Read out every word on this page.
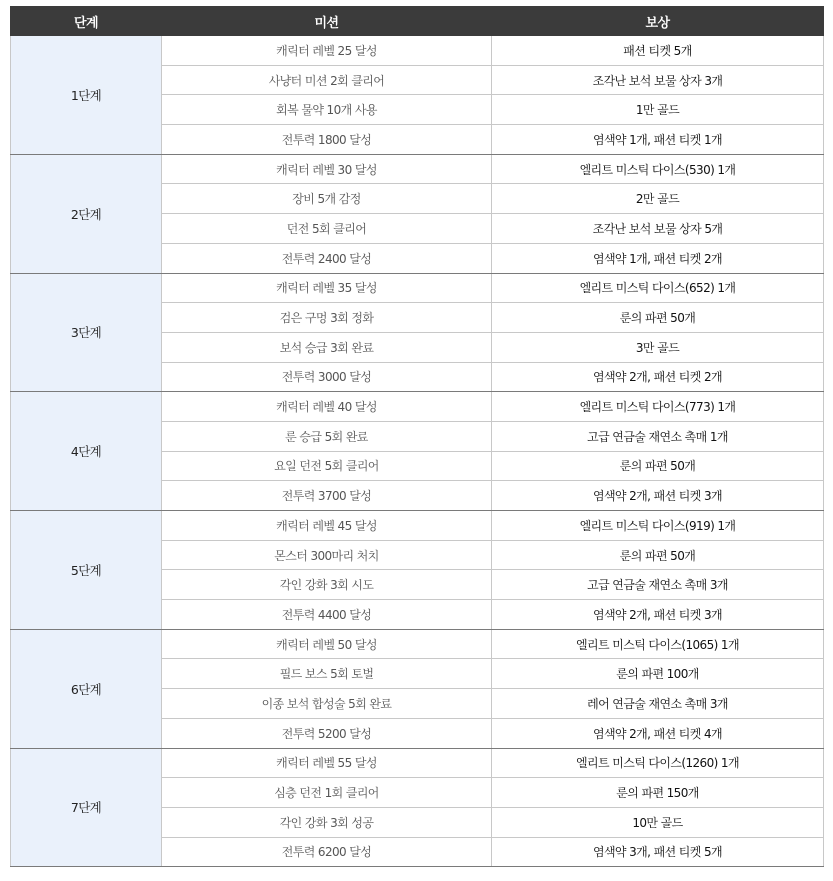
단계	미션	보상
1단계	캐릭터 레벨 25 달성	패션 티켓 5개
	사냥터 미션 2회 클리어	조각난 보석 보물 상자 3개
	회복 물약 10개 사용	1만 골드
	전투력 1800 달성	염색약 1개, 패션 티켓 1개
2단계	캐릭터 레벨 30 달성	엘리트 미스틱 다이스(530) 1개
	장비 5개 감정	2만 골드
	던전 5회 클리어	조각난 보석 보물 상자 5개
	전투력 2400 달성	염색약 1개, 패션 티켓 2개
3단계	캐릭터 레벨 35 달성	엘리트 미스틱 다이스(652) 1개
	검은 구멍 3회 정화	룬의 파편 50개
	보석 승급 3회 완료	3만 골드
	전투력 3000 달성	염색약 2개, 패션 티켓 2개
4단계	캐릭터 레벨 40 달성	엘리트 미스틱 다이스(773) 1개
	룬 승급 5회 완료	고급 연금술 재연소 촉매 1개
	요일 던전 5회 클리어	룬의 파편 50개
	전투력 3700 달성	염색약 2개, 패션 티켓 3개
5단계	캐릭터 레벨 45 달성	엘리트 미스틱 다이스(919) 1개
	몬스터 300마리 처치	룬의 파편 50개
	각인 강화 3회 시도	고급 연금술 재연소 촉매 3개
	전투력 4400 달성	염색약 2개, 패션 티켓 3개
6단계	캐릭터 레벨 50 달성	엘리트 미스틱 다이스(1065) 1개
	필드 보스 5회 토벌	룬의 파편 100개
	이종 보석 합성술 5회 완료	레어 연금술 재연소 촉매 3개
	전투력 5200 달성	염색약 2개, 패션 티켓 4개
7단계	캐릭터 레벨 55 달성	엘리트 미스틱 다이스(1260) 1개
	심층 던전 1회 클리어	룬의 파편 150개
	각인 강화 3회 성공	10만 골드
	전투력 6200 달성	염색약 3개, 패션 티켓 5개
